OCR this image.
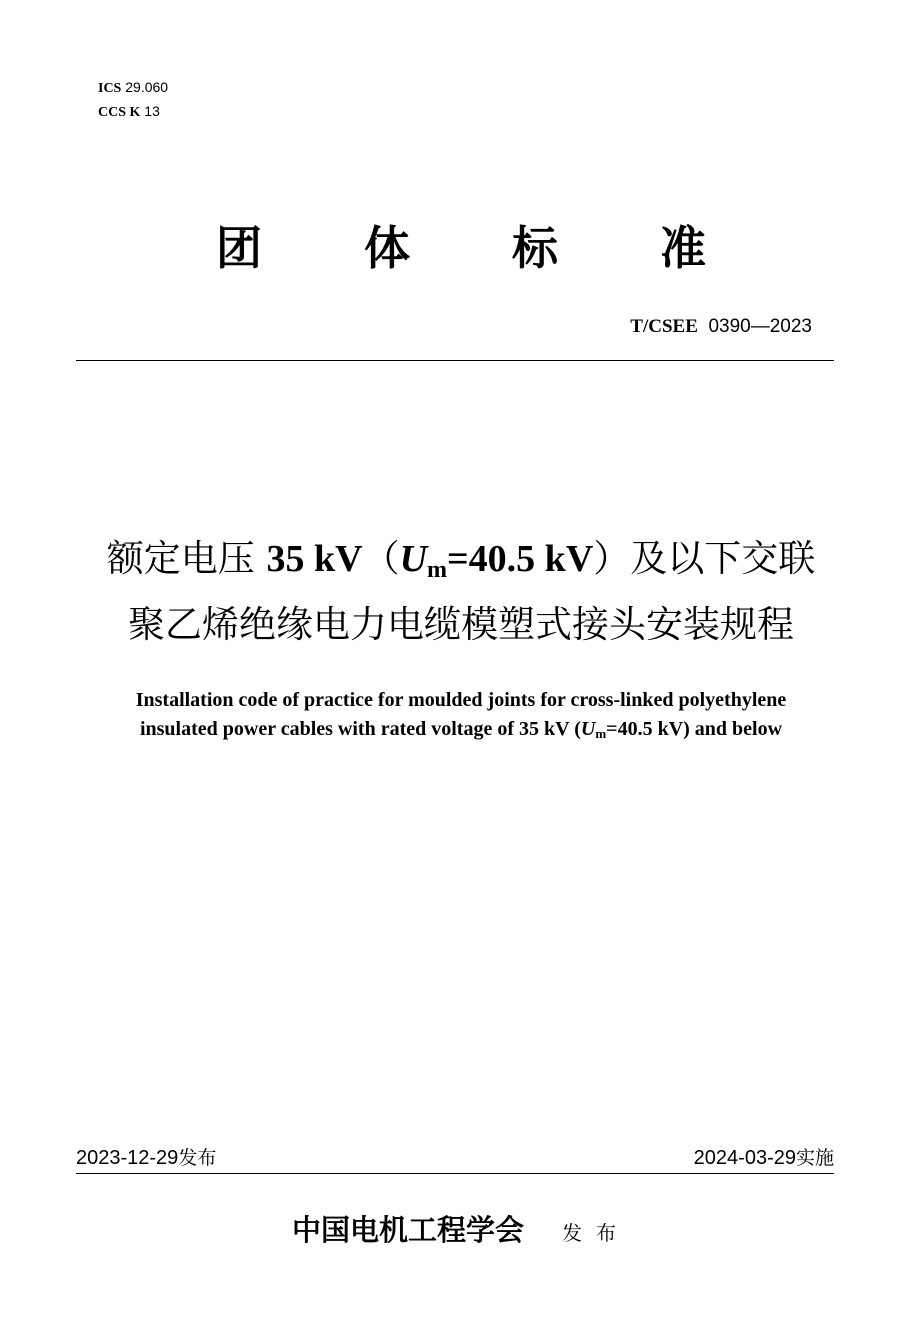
ICS 29.060
CCS K 13
团 体 标 准
T/CSEE 0390—2023
额定电压 35 $kV(U_m=40.5$ kV）及以下交联
聚乙烯绝缘电力电缆模塑式接头安装规程
Installation code of practice for moulded joints for cross-linked polyethylene
insulated power cables with rated voltage of 35 kV ($U_m=40.5$ kV) and below
2023-12-29发布	2024-03-29实施
中国电机工程学会 发布
